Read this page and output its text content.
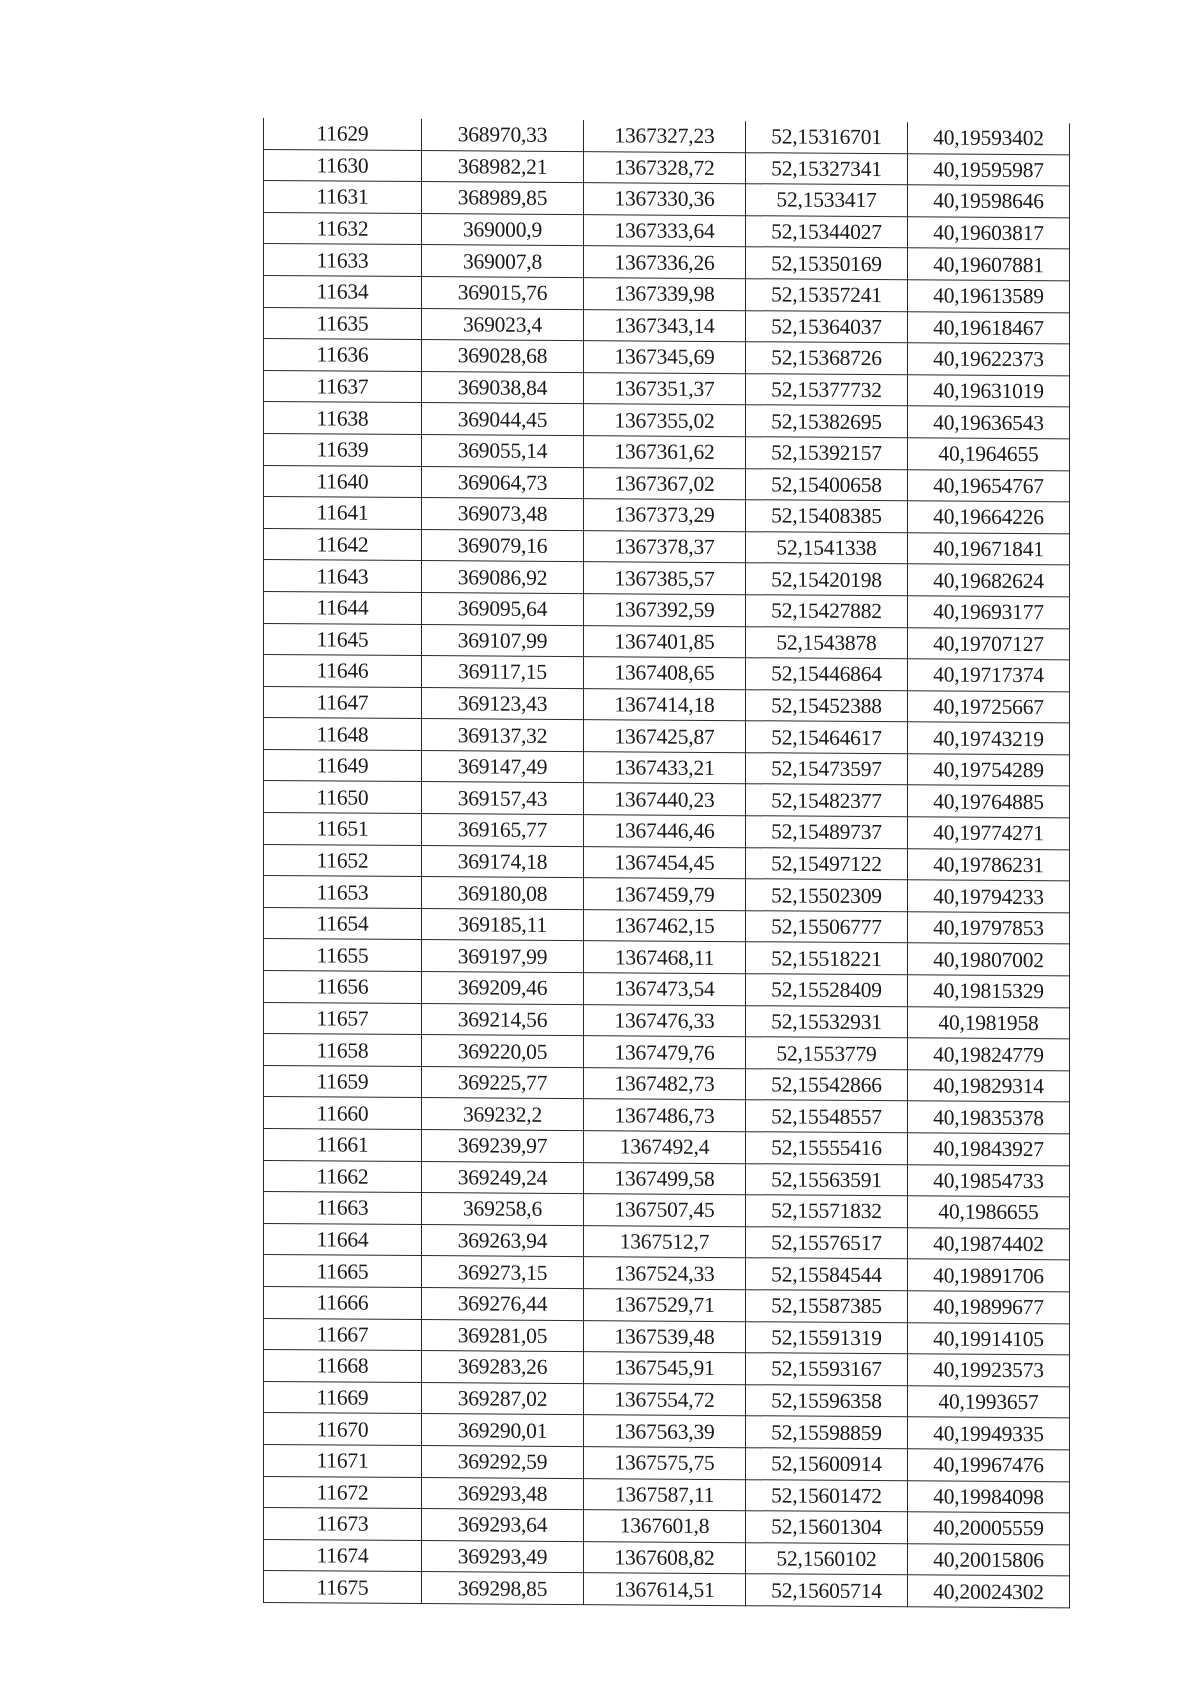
11629	368970,33	1367327,23	52,15316701	40,19593402
11630	368982,21	1367328,72	52,15327341	40,19595987
11631	368989,85	1367330,36	52,1533417	40,19598646
11632	369000,9	1367333,64	52,15344027	40,19603817
11633	369007,8	1367336,26	52,15350169	40,19607881
11634	369015,76	1367339,98	52,15357241	40,19613589
11635	369023,4	1367343,14	52,15364037	40,19618467
11636	369028,68	1367345,69	52,15368726	40,19622373
11637	369038,84	1367351,37	52,15377732	40,19631019
11638	369044,45	1367355,02	52,15382695	40,19636543
11639	369055,14	1367361,62	52,15392157	40,1964655
11640	369064,73	1367367,02	52,15400658	40,19654767
11641	369073,48	1367373,29	52,15408385	40,19664226
11642	369079,16	1367378,37	52,1541338	40,19671841
11643	369086,92	1367385,57	52,15420198	40,19682624
11644	369095,64	1367392,59	52,15427882	40,19693177
11645	369107,99	1367401,85	52,1543878	40,19707127
11646	369117,15	1367408,65	52,15446864	40,19717374
11647	369123,43	1367414,18	52,15452388	40,19725667
11648	369137,32	1367425,87	52,15464617	40,19743219
11649	369147,49	1367433,21	52,15473597	40,19754289
11650	369157,43	1367440,23	52,15482377	40,19764885
11651	369165,77	1367446,46	52,15489737	40,19774271
11652	369174,18	1367454,45	52,15497122	40,19786231
11653	369180,08	1367459,79	52,15502309	40,19794233
11654	369185,11	1367462,15	52,15506777	40,19797853
11655	369197,99	1367468,11	52,15518221	40,19807002
11656	369209,46	1367473,54	52,15528409	40,19815329
11657	369214,56	1367476,33	52,15532931	40,1981958
11658	369220,05	1367479,76	52,1553779	40,19824779
11659	369225,77	1367482,73	52,15542866	40,19829314
11660	369232,2	1367486,73	52,15548557	40,19835378
11661	369239,97	1367492,4	52,15555416	40,19843927
11662	369249,24	1367499,58	52,15563591	40,19854733
11663	369258,6	1367507,45	52,15571832	40,1986655
11664	369263,94	1367512,7	52,15576517	40,19874402
11665	369273,15	1367524,33	52,15584544	40,19891706
11666	369276,44	1367529,71	52,15587385	40,19899677
11667	369281,05	1367539,48	52,15591319	40,19914105
11668	369283,26	1367545,91	52,15593167	40,19923573
11669	369287,02	1367554,72	52,15596358	40,1993657
11670	369290,01	1367563,39	52,15598859	40,19949335
11671	369292,59	1367575,75	52,15600914	40,19967476
11672	369293,48	1367587,11	52,15601472	40,19984098
11673	369293,64	1367601,8	52,15601304	40,20005559
11674	369293,49	1367608,82	52,1560102	40,20015806
11675	369298,85	1367614,51	52,15605714	40,20024302
